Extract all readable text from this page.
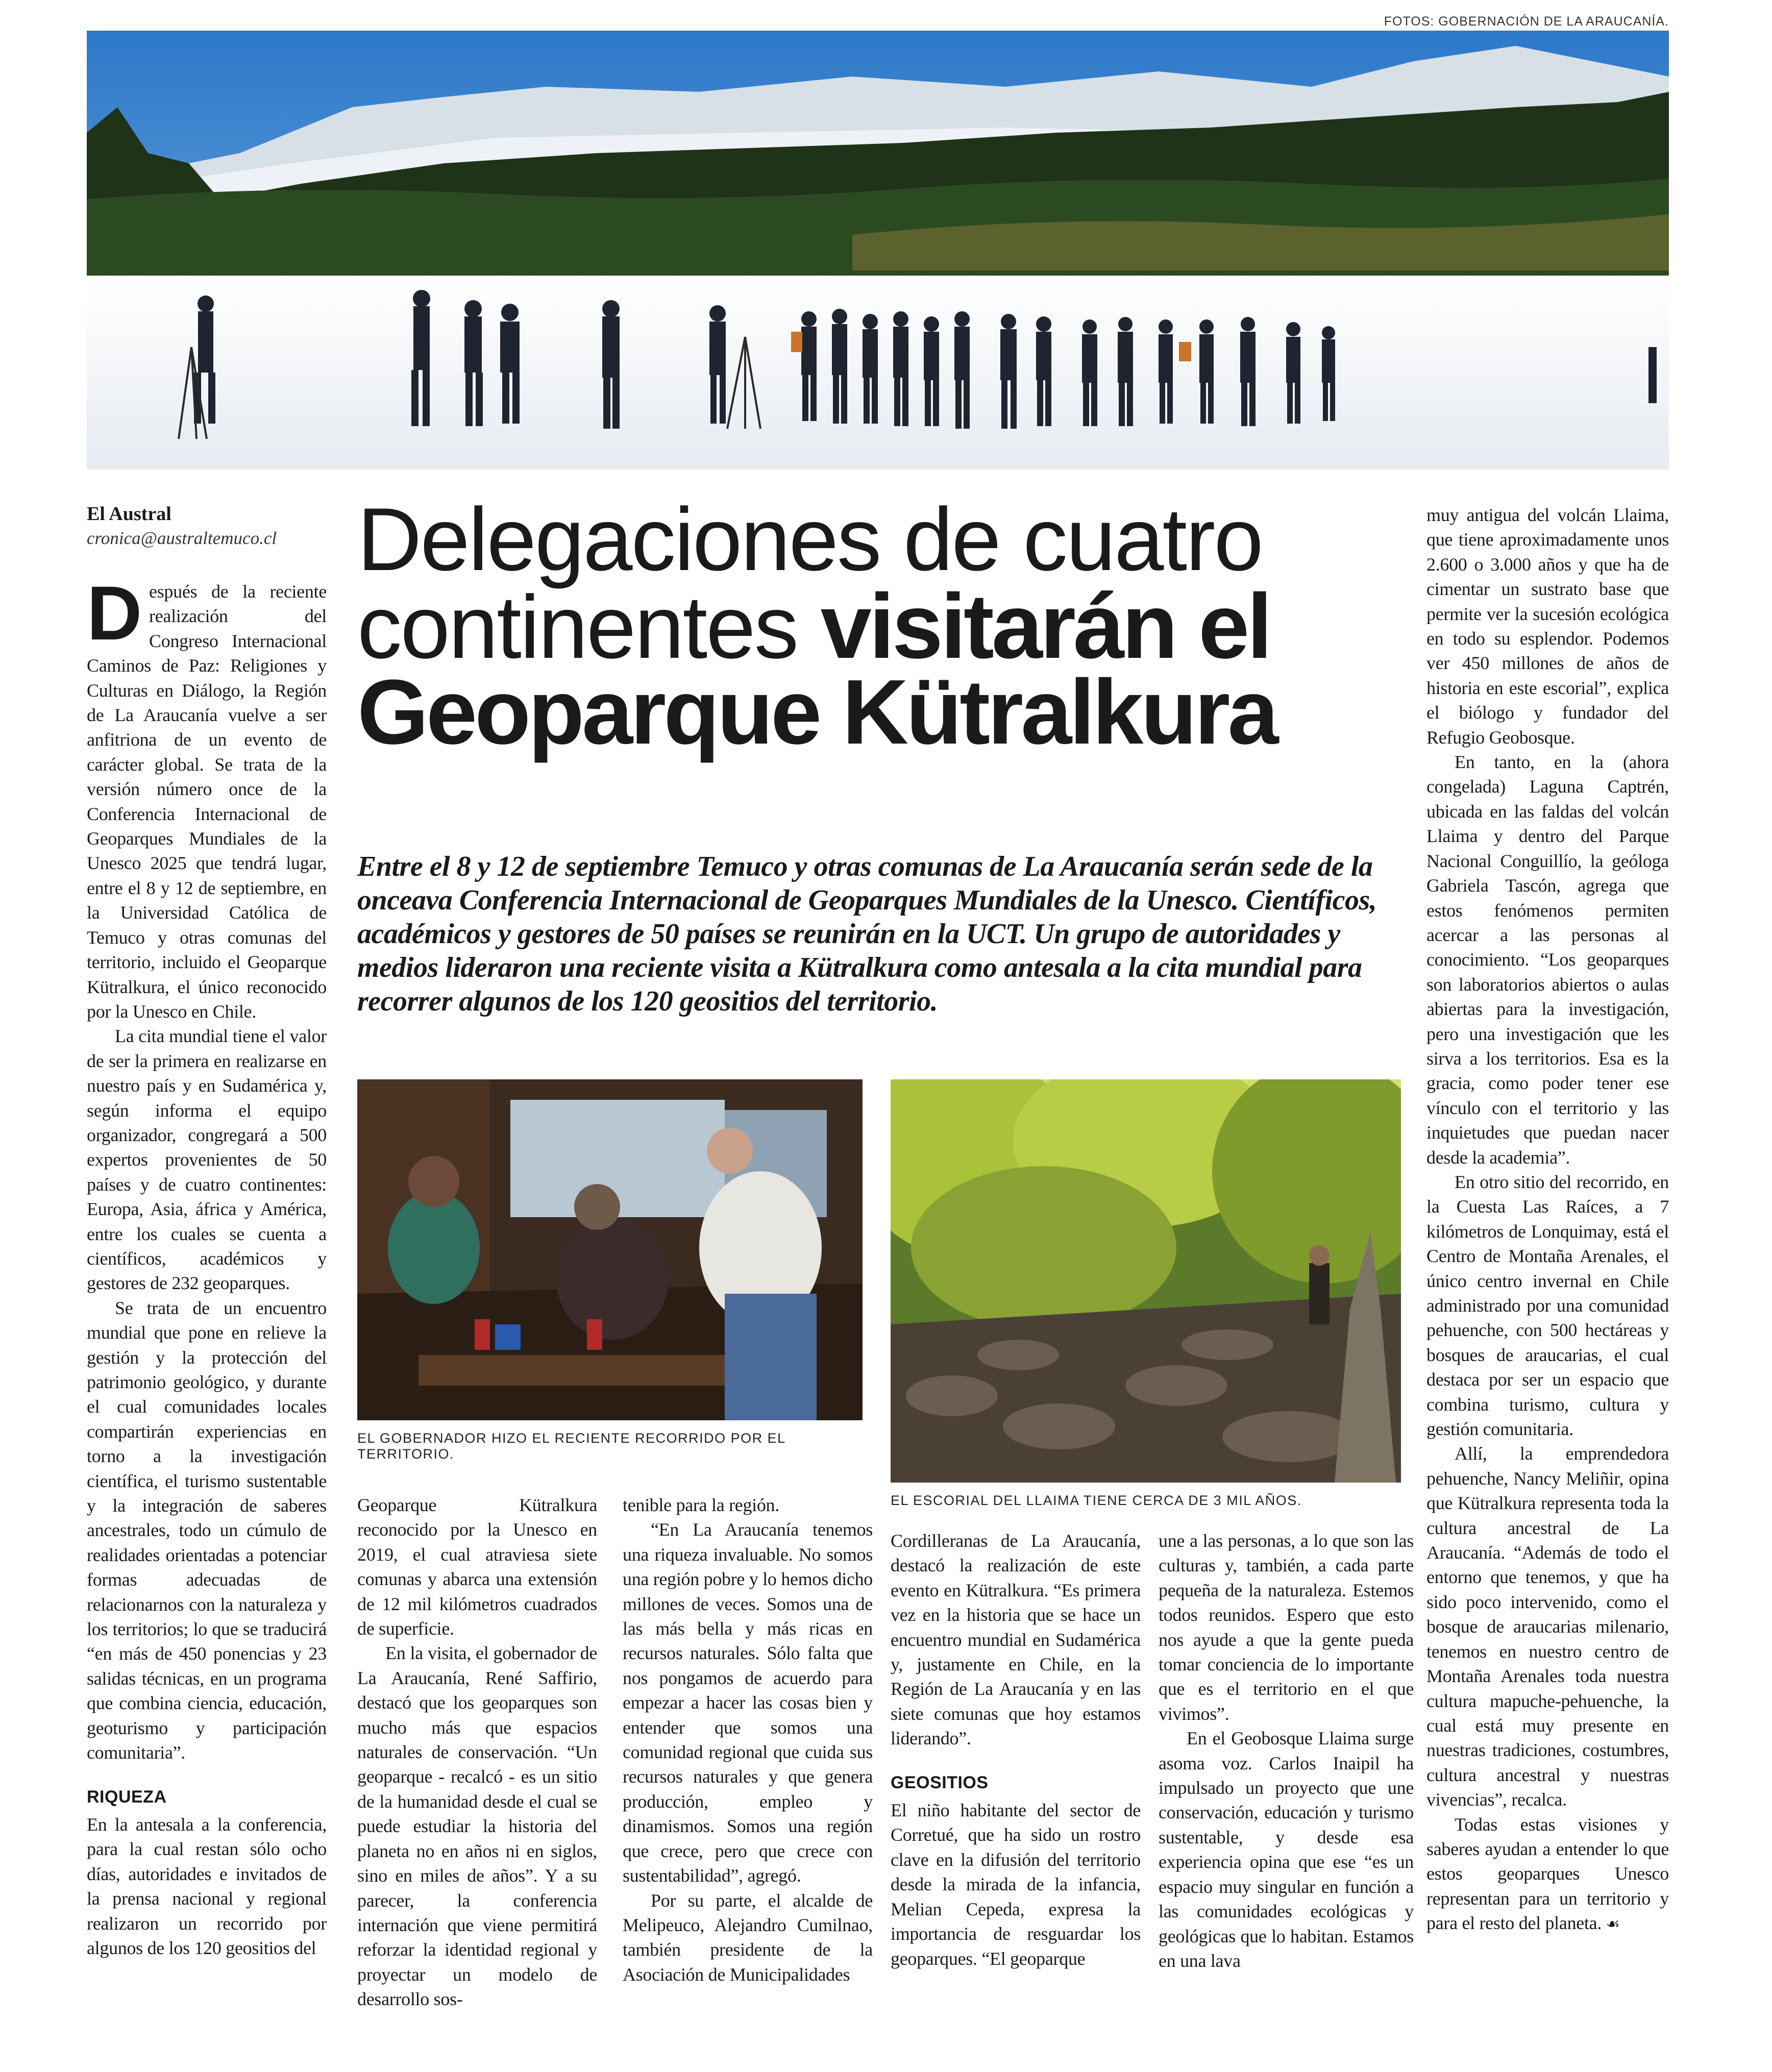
FOTOS: GOBERNACIÓN DE LA ARAUCANÍA.
El Austral
cronica@australtemuco.cl Delegaciones de cuatro
continentes visitarán el
Geoparque Kütralkura
Entre el 8 y 12 de septiembre Temuco y otras comunas de La Araucanía serán sede de la onceava Conferencia Internacional de Geoparques Mundiales de la Unesco. Científicos, académicos y gestores de 50 países se reunirán en la UCT. Un grupo de autoridades y medios lideraron una reciente visita a Kütralkura como antesala a la cita mundial para recorrer algunos de los 120 geositios del territorio.

Después de la reciente realización del Congreso Internacional Caminos de Paz: Religiones y Culturas en Diálogo, la Región de La Araucanía vuelve a ser anfitriona de un evento de carácter global. Se trata de la versión número once de la Conferencia Internacional de Geoparques Mundiales de la Unesco 2025 que tendrá lugar, entre el 8 y 12 de septiembre, en la Universidad Católica de Temuco y otras comunas del territorio, incluido el Geoparque Kütralkura, el único reconocido por la Unesco en Chile.

La cita mundial tiene el valor de ser la primera en realizarse en nuestro país y en Sudamérica y, según informa el equipo organizador, congregará a 500 expertos provenientes de 50 países y de cuatro continentes: Europa, Asia, áfrica y América, entre los cuales se cuenta a científicos, académicos y gestores de 232 geoparques.

Se trata de un encuentro mundial que pone en relieve la gestión y la protección del patrimonio geológico, y durante el cual comunidades locales compartirán experiencias en torno a la investigación científica, el turismo sustentable y la integración de saberes ancestrales, todo un cúmulo de realidades orientadas a potenciar formas adecuadas de relacionarnos con la naturaleza y los territorios; lo que se traducirá “en más de 450 ponencias y 23 salidas técnicas, en un programa que combina ciencia, educación, geoturismo y participación comunitaria”.

RIQUEZA

En la antesala a la conferencia, para la cual restan sólo ocho días, autoridades e invitados de la prensa nacional y regional realizaron un recorrido por algunos de los 120 geositios del

EL GOBERNADOR HIZO EL RECIENTE RECORRIDO POR EL TERRITORIO.
EL ESCORIAL DEL LLAIMA TIENE CERCA DE 3 MIL AÑOS.

Geoparque Kütralkura reconocido por la Unesco en 2019, el cual atraviesa siete comunas y abarca una extensión de 12 mil kilómetros cuadrados de superficie.

En la visita, el gobernador de La Araucanía, René Saffirio, destacó que los geoparques son mucho más que espacios naturales de conservación. “Un geoparque - recalcó - es un sitio de la humanidad desde el cual se puede estudiar la historia del planeta no en años ni en siglos, sino en miles de años”. Y a su parecer, la conferencia internación que viene permitirá reforzar la identidad regional y proyectar un modelo de desarrollo sos-

tenible para la región.

“En La Araucanía tenemos una riqueza invaluable. No somos una región pobre y lo hemos dicho millones de veces. Somos una de las más bella y más ricas en recursos naturales. Sólo falta que nos pongamos de acuerdo para empezar a hacer las cosas bien y entender que somos una comunidad regional que cuida sus recursos naturales y que genera producción, empleo y dinamismos. Somos una región que crece, pero que crece con sustentabilidad”, agregó.

Por su parte, el alcalde de Melipeuco, Alejandro Cumilnao, también presidente de la Asociación de Municipalidades

Cordilleranas de La Araucanía, destacó la realización de este evento en Kütralkura. “Es primera vez en la historia que se hace un encuentro mundial en Sudamérica y, justamente en Chile, en la Región de La Araucanía y en las siete comunas que hoy estamos liderando”.

GEOSITIOS

El niño habitante del sector de Corretué, que ha sido un rostro clave en la difusión del territorio desde la mirada de la infancia, Melian Cepeda, expresa la importancia de resguardar los geoparques. “El geoparque

une a las personas, a lo que son las culturas y, también, a cada parte pequeña de la naturaleza. Estemos todos reunidos. Espero que esto nos ayude a que la gente pueda tomar conciencia de lo importante que es el territorio en el que vivimos”.

En el Geobosque Llaima surge asoma voz. Carlos Inaipil ha impulsado un proyecto que une conservación, educación y turismo sustentable, y desde esa experiencia opina que ese “es un espacio muy singular en función a las comunidades ecológicas y geológicas que lo habitan. Estamos en una lava

muy antigua del volcán Llaima, que tiene aproximadamente unos 2.600 o 3.000 años y que ha de cimentar un sustrato base que permite ver la sucesión ecológica en todo su esplendor. Podemos ver 450 millones de años de historia en este escorial”, explica el biólogo y fundador del Refugio Geobosque.

En tanto, en la (ahora congelada) Laguna Captrén, ubicada en las faldas del volcán Llaima y dentro del Parque Nacional Conguillío, la geóloga Gabriela Tascón, agrega que estos fenómenos permiten acercar a las personas al conocimiento. “Los geoparques son laboratorios abiertos o aulas abiertas para la investigación, pero una investigación que les sirva a los territorios. Esa es la gracia, como poder tener ese vínculo con el territorio y las inquietudes que puedan nacer desde la academia”.

En otro sitio del recorrido, en la Cuesta Las Raíces, a 7 kilómetros de Lonquimay, está el Centro de Montaña Arenales, el único centro invernal en Chile administrado por una comunidad pehuenche, con 500 hectáreas y bosques de araucarias, el cual destaca por ser un espacio que combina turismo, cultura y gestión comunitaria.

Allí, la emprendedora pehuenche, Nancy Meliñir, opina que Kütralkura representa toda la cultura ancestral de La Araucanía. “Además de todo el entorno que tenemos, y que ha sido poco intervenido, como el bosque de araucarias milenario, tenemos en nuestro centro de Montaña Arenales toda nuestra cultura mapuche-pehuenche, la cual está muy presente en nuestras tradiciones, costumbres, cultura ancestral y nuestras vivencias”, recalca.

Todas estas visiones y saberes ayudan a entender lo que estos geoparques Unesco representan para un territorio y para el resto del planeta. ☙
